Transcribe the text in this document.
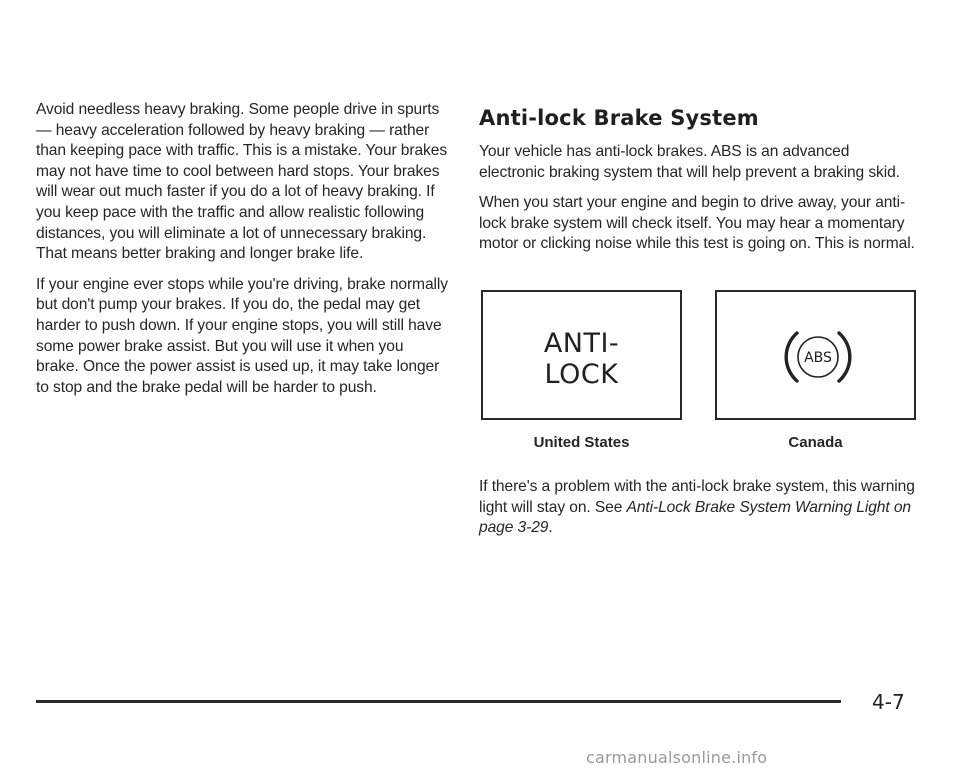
Avoid needless heavy braking. Some people drive in spurts — heavy acceleration followed by heavy braking — rather than keeping pace with traffic. This is a mistake. Your brakes may not have time to cool between hard stops. Your brakes will wear out much faster if you do a lot of heavy braking. If you keep pace with the traffic and allow realistic following distances, you will eliminate a lot of unnecessary braking. That means better braking and longer brake life.

If your engine ever stops while you're driving, brake normally but don't pump your brakes. If you do, the pedal may get harder to push down. If your engine stops, you will still have some power brake assist. But you will use it when you brake. Once the power assist is used up, it may take longer to stop and the brake pedal will be harder to push.

Anti-lock Brake System

Your vehicle has anti-lock brakes. ABS is an advanced electronic braking system that will help prevent a braking skid.

When you start your engine and begin to drive away, your anti-lock brake system will check itself. You may hear a momentary motor or clicking noise while this test is going on. This is normal.

ANTI-
LOCK
ABS
United States	Canada

If there's a problem with the anti-lock brake system, this warning light will stay on. See Anti-Lock Brake System Warning Light on page 3-29.

4-7
carmanualsonline.info
